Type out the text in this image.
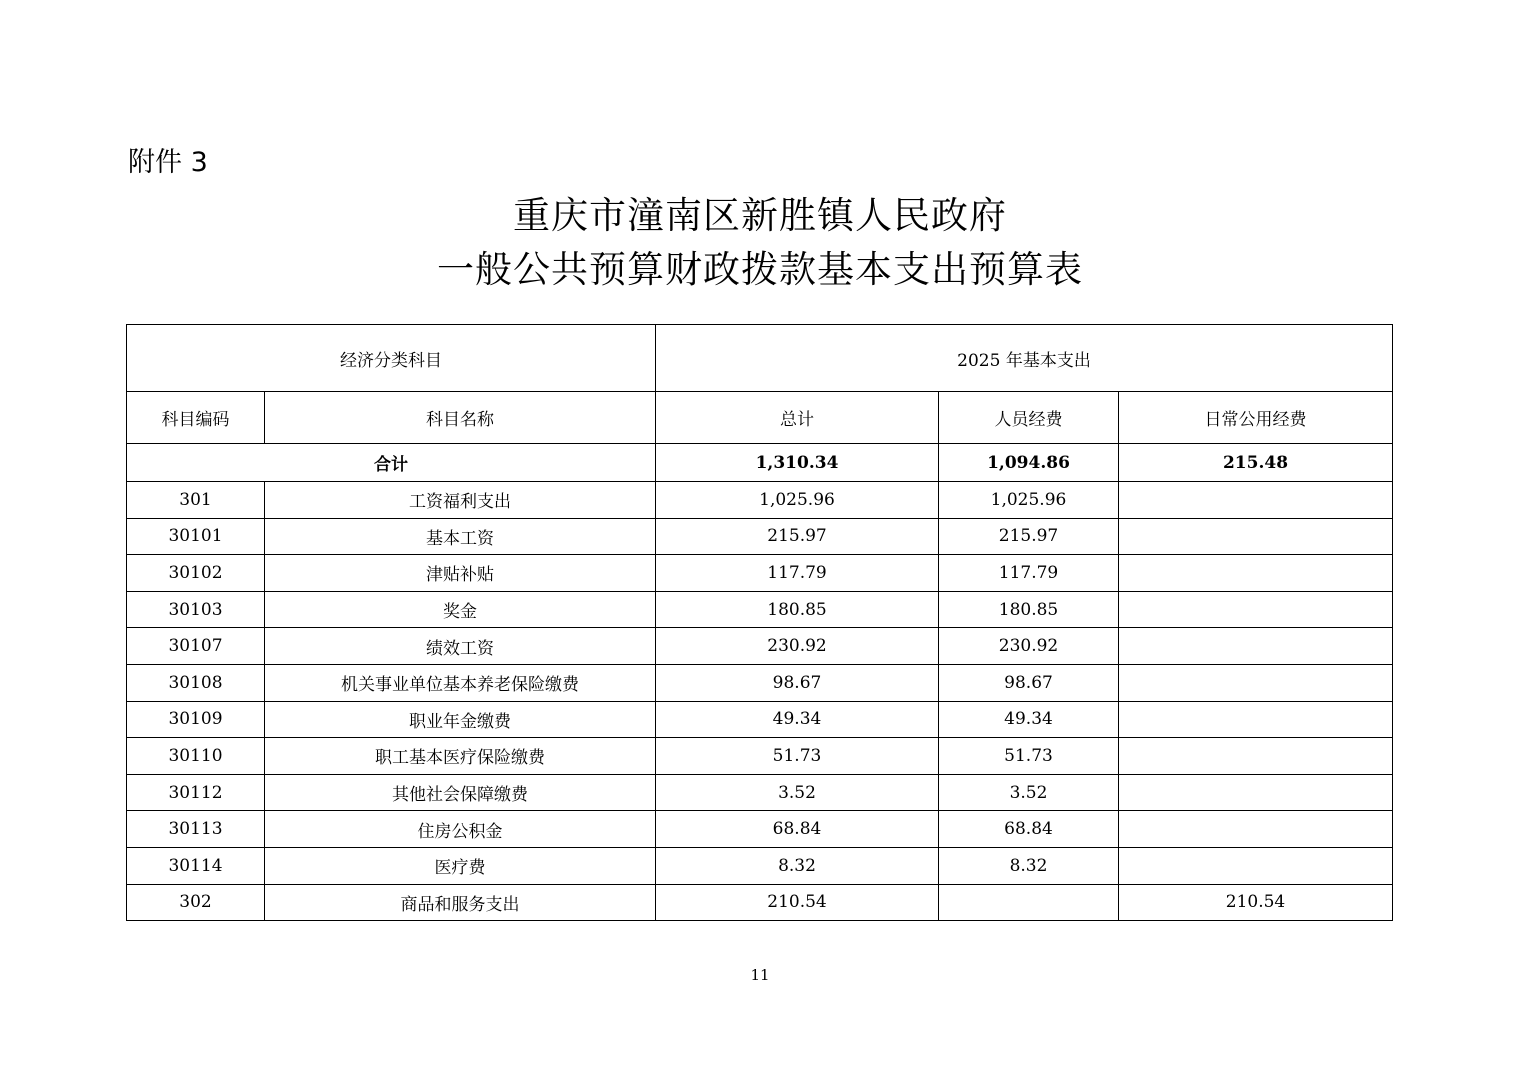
附件 3
重庆市潼南区新胜镇人民政府
一般公共预算财政拨款基本支出预算表
经济分类科目		2025 年基本支出		
科目编码	科目名称	总计	人员经费	日常公用经费
合计		1,310.34	1,094.86	215.48
301	工资福利支出	1,025.96	1,025.96	
30101	基本工资	215.97	215.97	
30102	津贴补贴	117.79	117.79	
30103	奖金	180.85	180.85	
30107	绩效工资	230.92	230.92	
30108	机关事业单位基本养老保险缴费	98.67	98.67	
30109	职业年金缴费	49.34	49.34	
30110	职工基本医疗保险缴费	51.73	51.73	
30112	其他社会保障缴费	3.52	3.52	
30113	住房公积金	68.84	68.84	
30114	医疗费	8.32	8.32	
302	商品和服务支出	210.54		210.54
11
